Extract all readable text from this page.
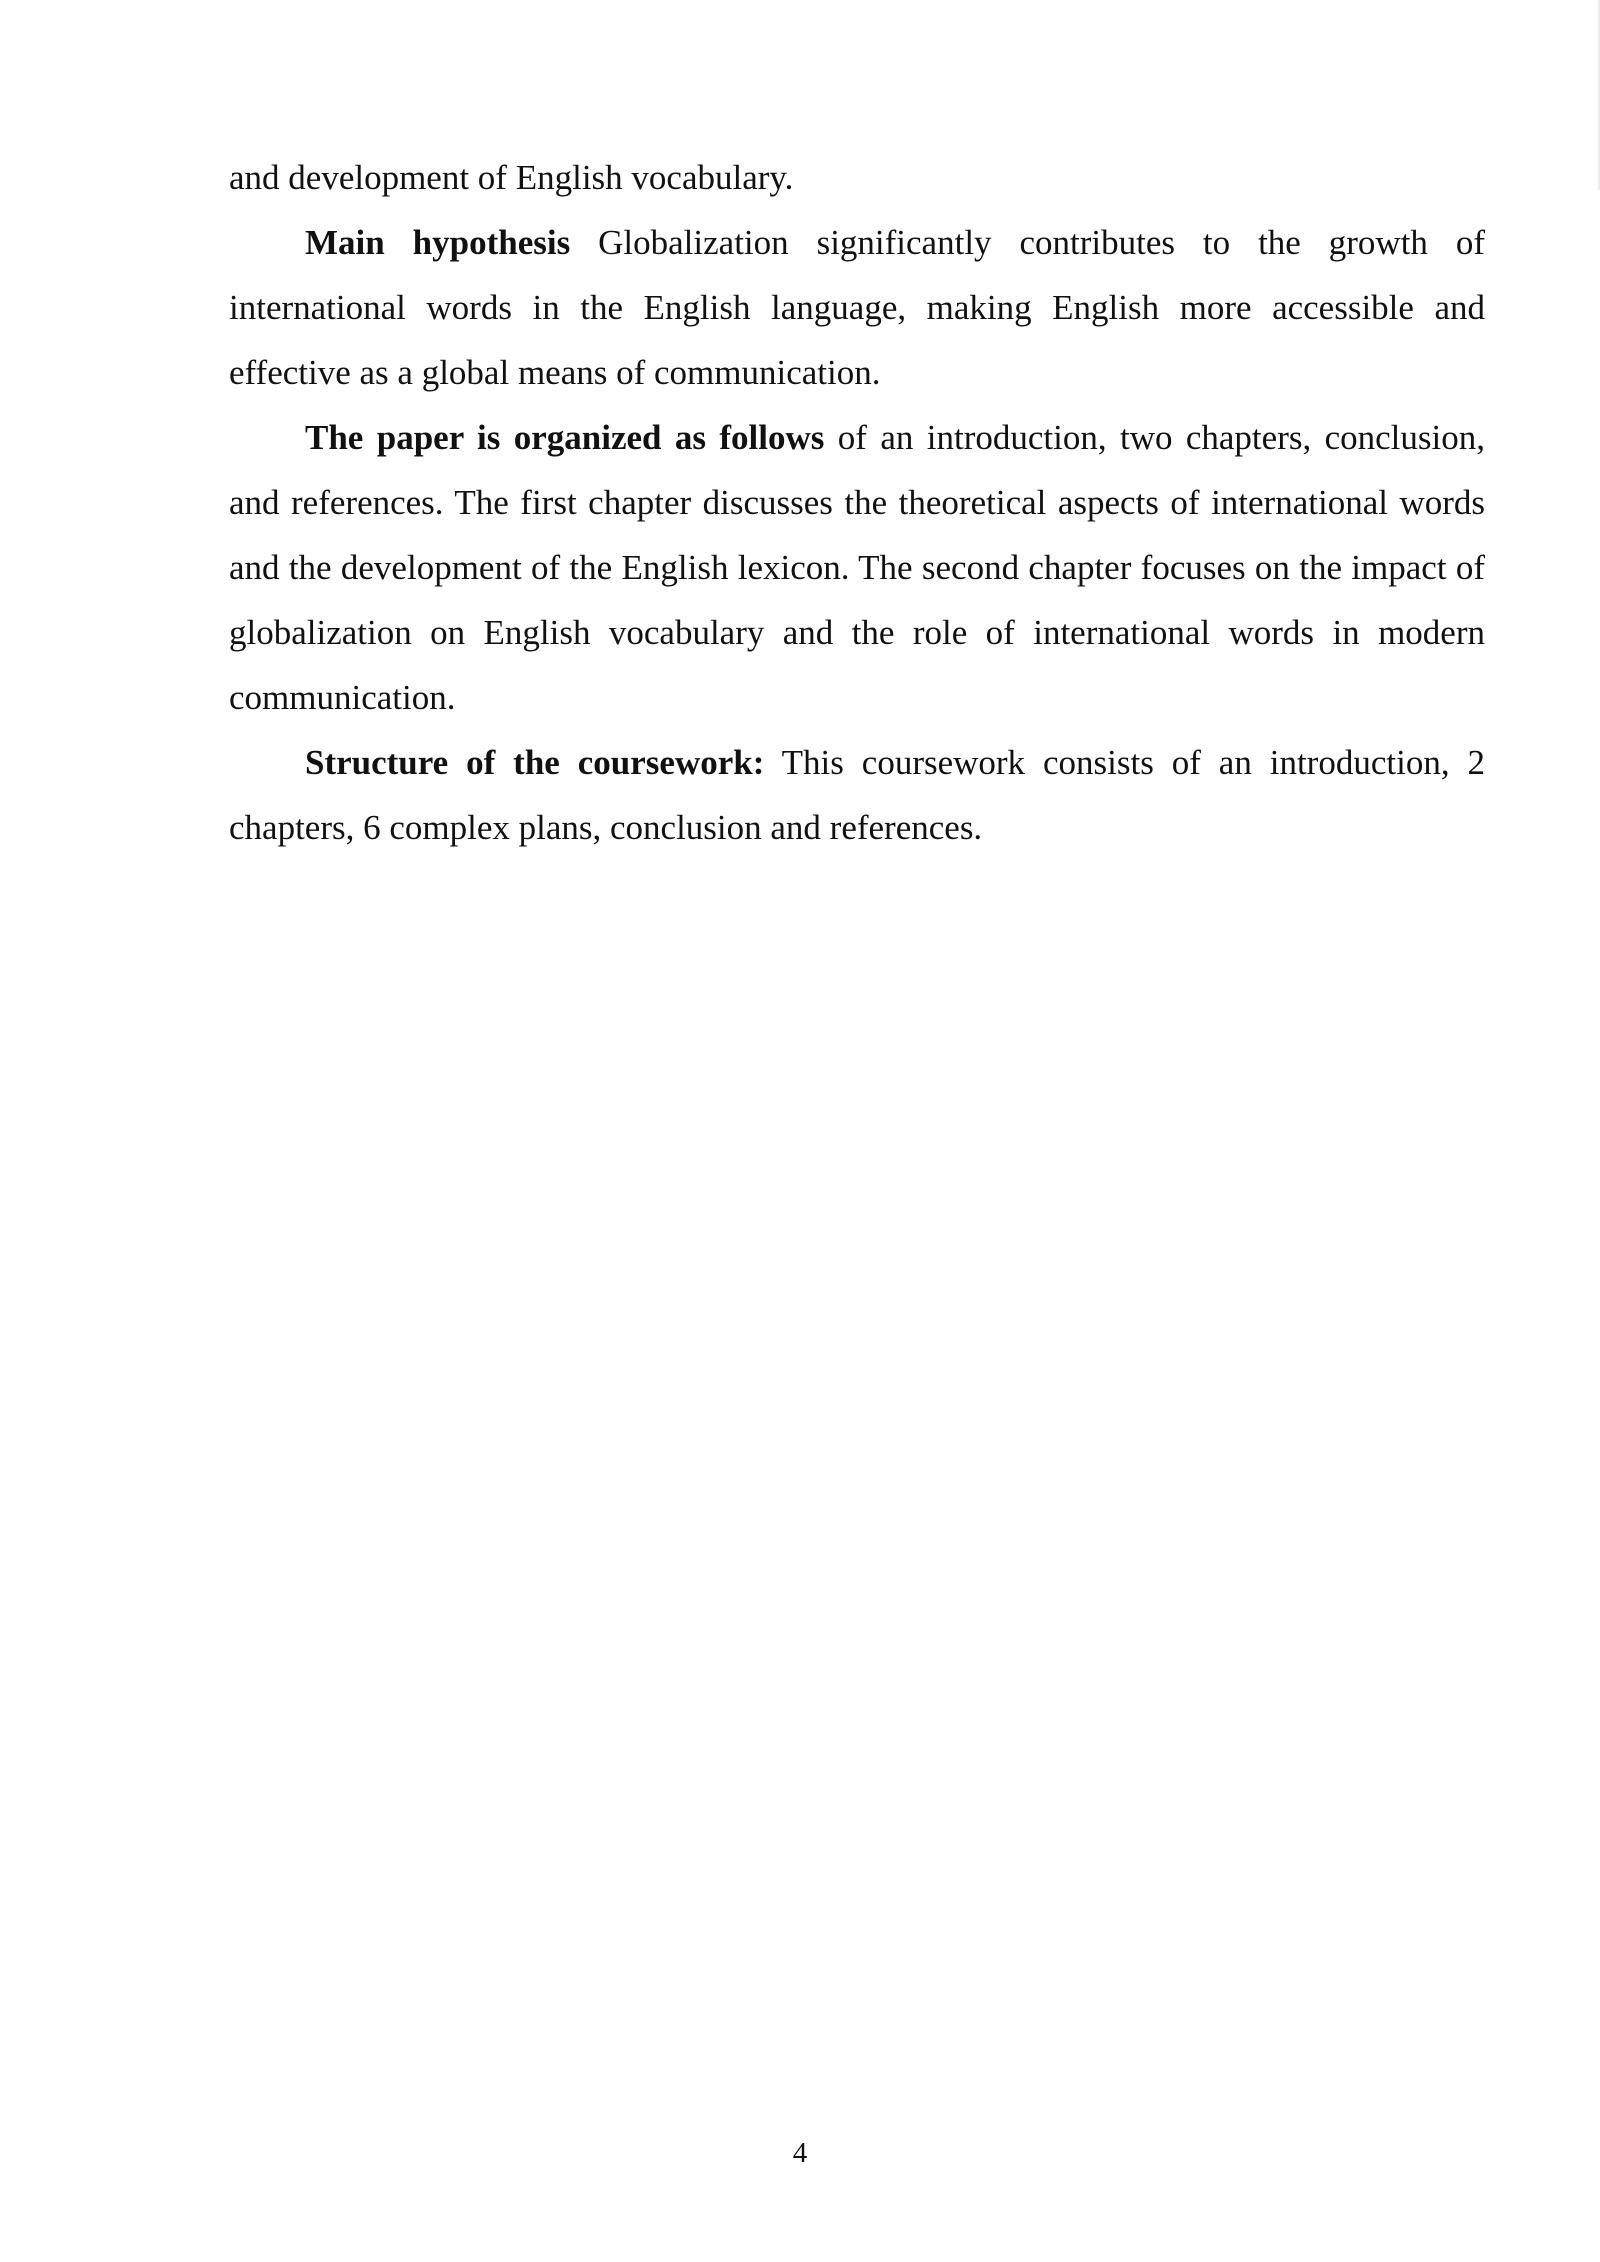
and development of English vocabulary.

Main hypothesis Globalization significantly contributes to the growth of international words in the English language, making English more accessible and effective as a global means of communication.

The paper is organized as follows of an introduction, two chapters, conclusion, and references. The first chapter discusses the theoretical aspects of international words and the development of the English lexicon. The second chapter focuses on the impact of globalization on English vocabulary and the role of international words in modern communication.

Structure of the coursework: This coursework consists of an introduction, 2 chapters, 6 complex plans, conclusion and references.

4
